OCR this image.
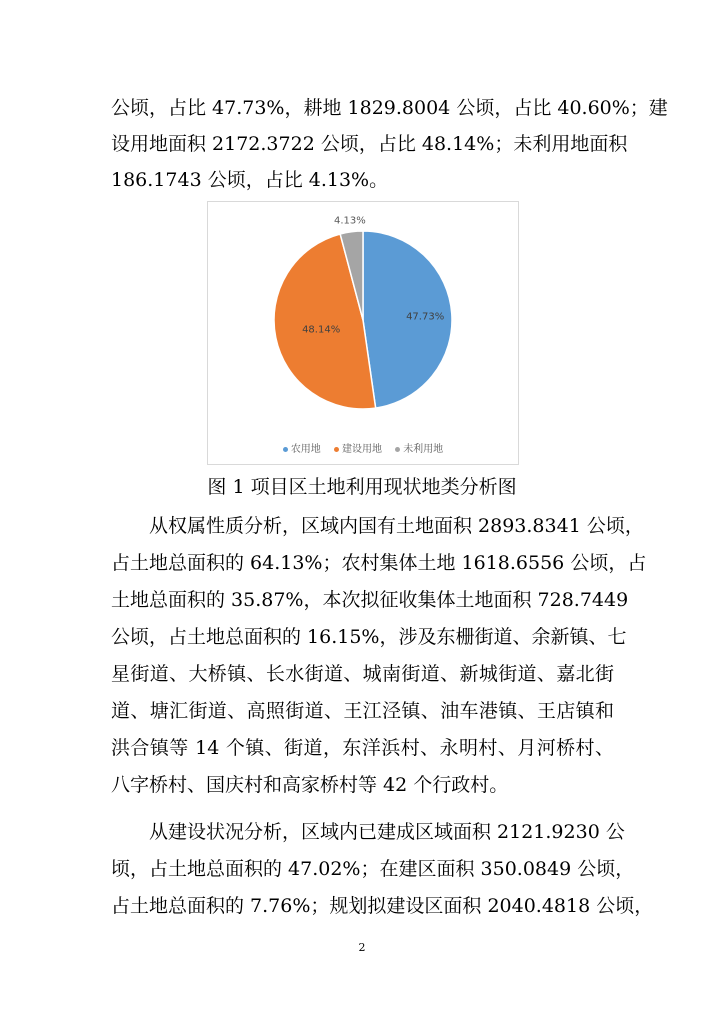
公顷，占比 47.73%，耕地 1829.8004 公顷，占比 40.60%；建
设用地面积 2172.3722 公顷，占比 48.14%；未利用地面积
186.1743 公顷，占比 4.13%。
47.73%
48.14%
4.13%
农用地 建设用地 未利用地
图 1 项目区土地利用现状地类分析图
从权属性质分析，区域内国有土地面积 2893.8341 公顷，
占土地总面积的 64.13%；农村集体土地 1618.6556 公顷，占
土地总面积的 35.87%，本次拟征收集体土地面积 728.7449
公顷，占土地总面积的 16.15%，涉及东栅街道、余新镇、七
星街道、大桥镇、长水街道、城南街道、新城街道、嘉北街
道、塘汇街道、高照街道、王江泾镇、油车港镇、王店镇和
洪合镇等 14 个镇、街道，东洋浜村、永明村、月河桥村、
八字桥村、国庆村和高家桥村等 42 个行政村。
从建设状况分析，区域内已建成区域面积 2121.9230 公
顷，占土地总面积的 47.02%；在建区面积 350.0849 公顷，
占土地总面积的 7.76%；规划拟建设区面积 2040.4818 公顷，
2
